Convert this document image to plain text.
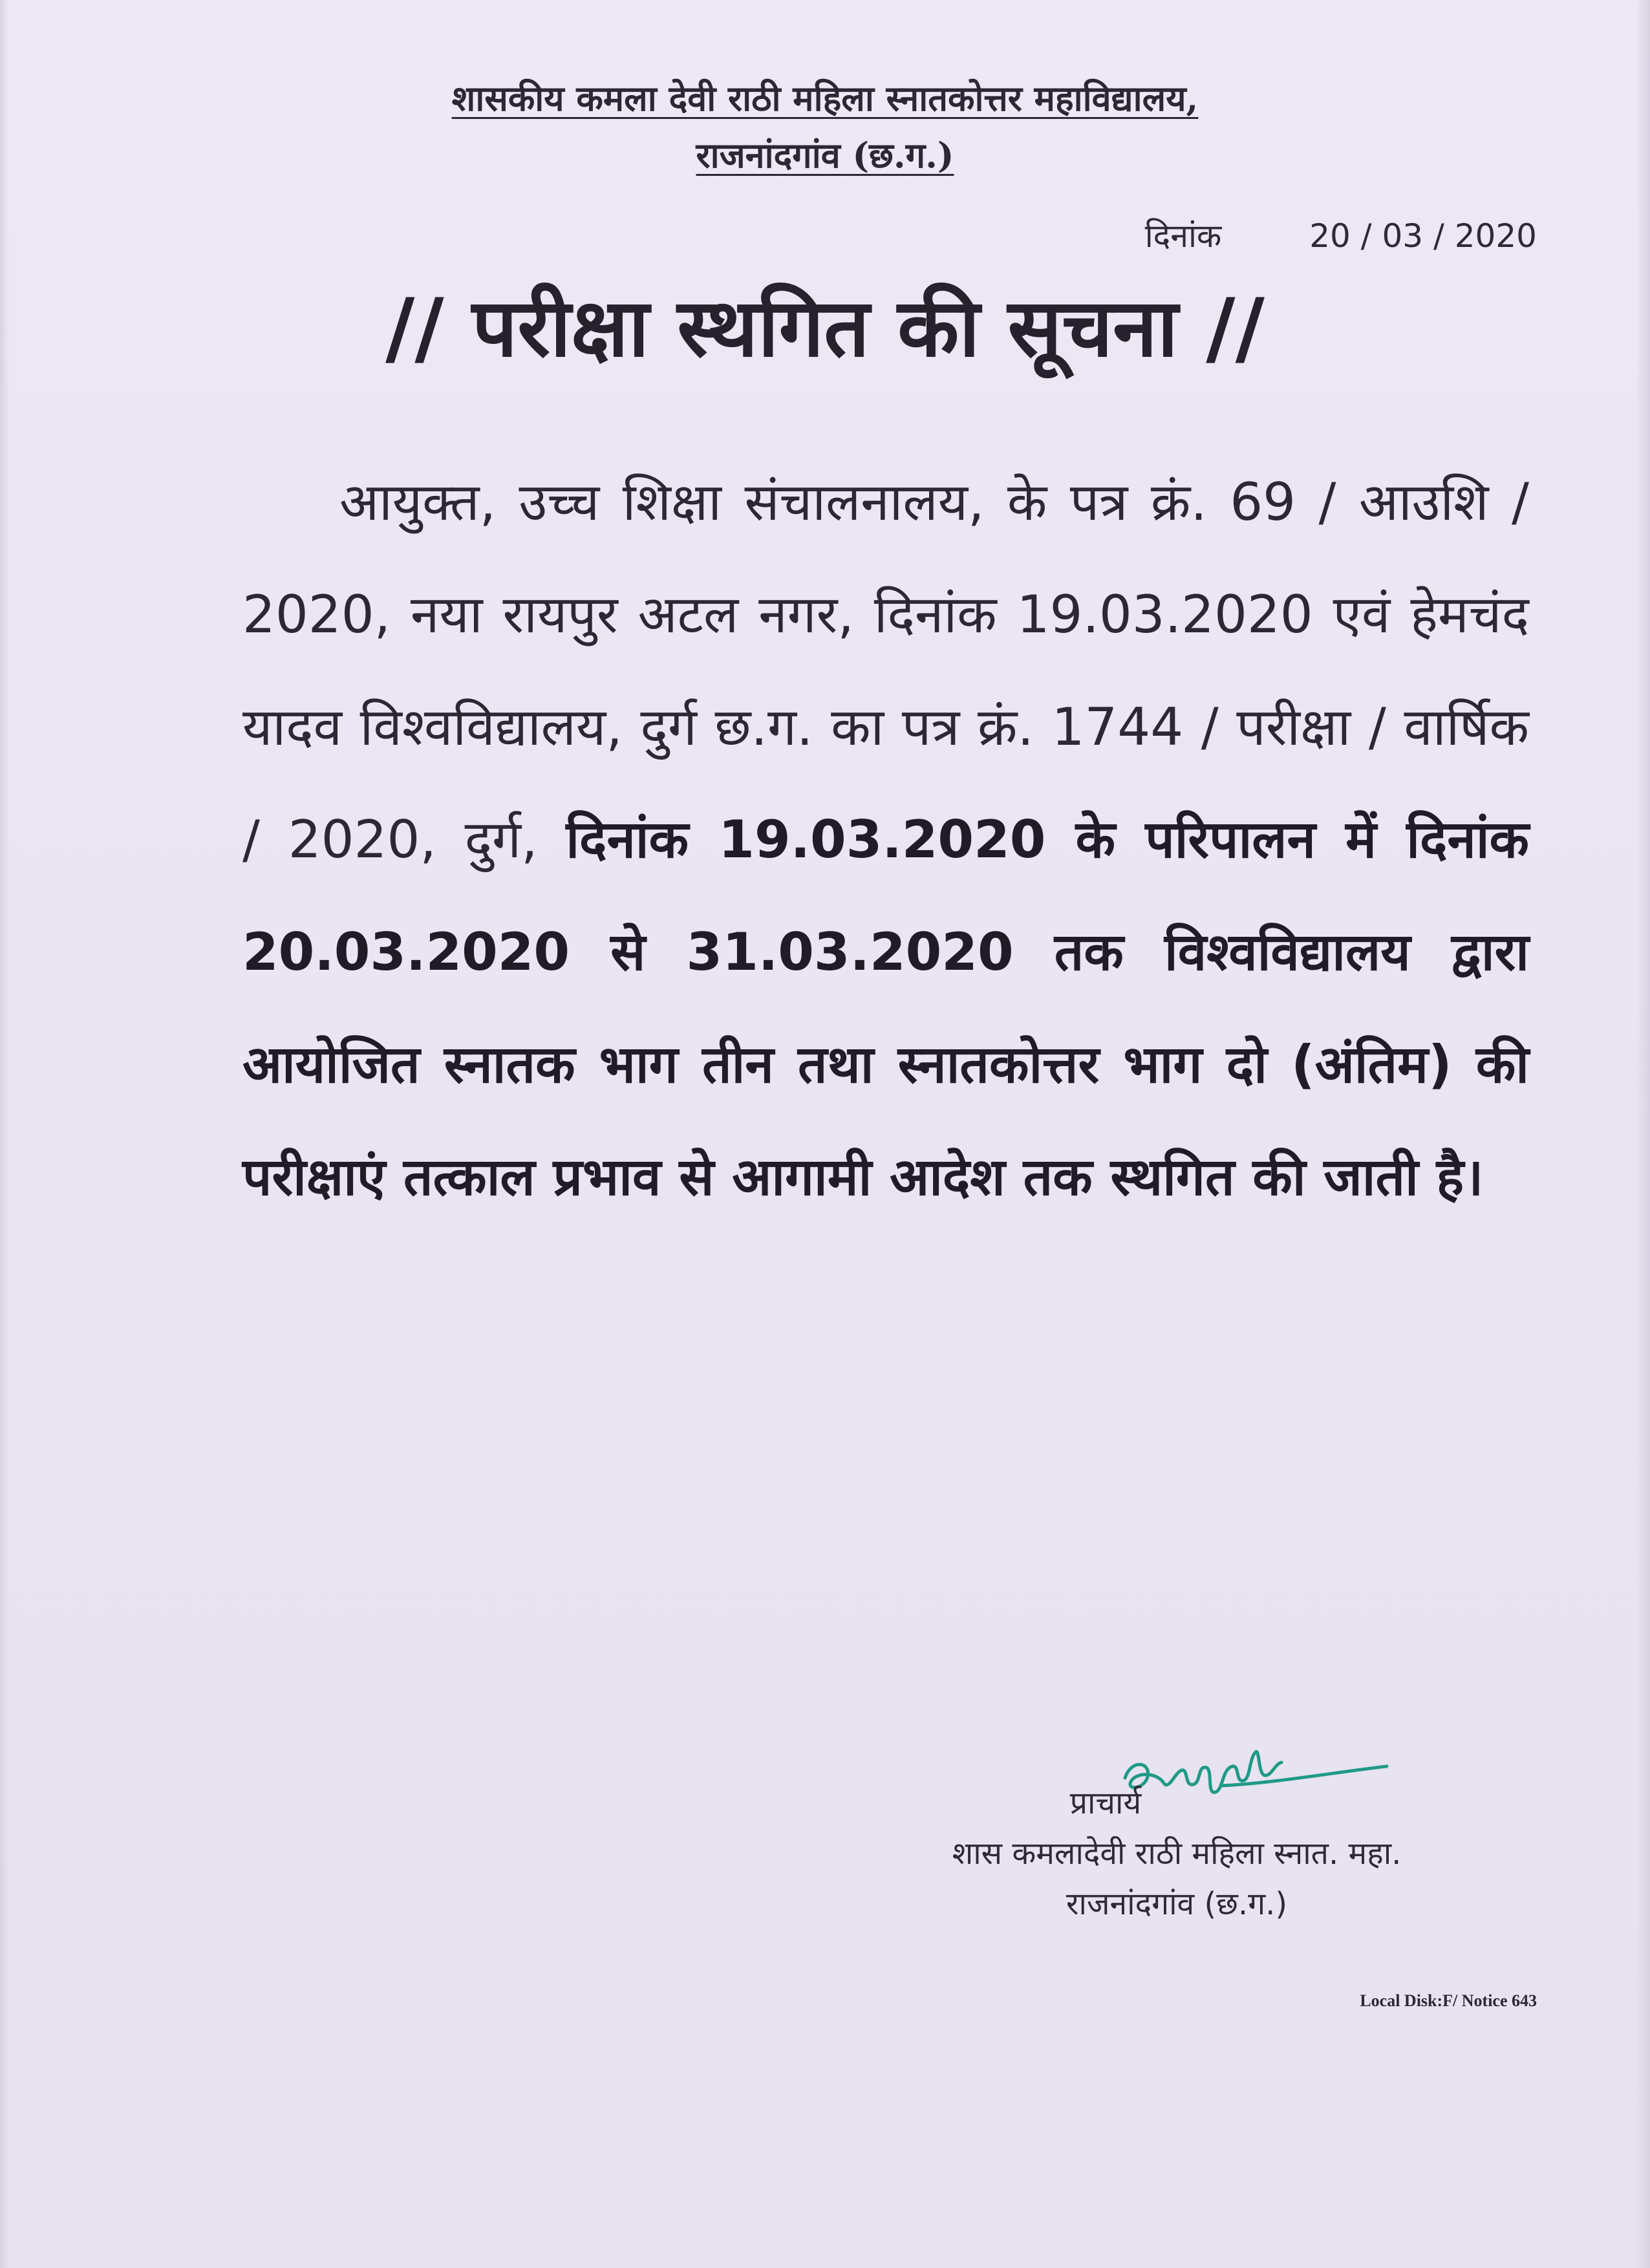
शासकीय कमला देवी राठी महिला स्नातकोत्तर महाविद्यालय,
राजनांदगांव (छ.ग.)
दिनांक	20 / 03 / 2020
// परीक्षा स्थगित की सूचना //
आयुक्त, उच्च शिक्षा संचालनालय, के पत्र क्रं. 69 / आउशि / 2020, नया रायपुर अटल नगर, दिनांक 19.03.2020 एवं हेमचंद यादव विश्वविद्यालय, दुर्ग छ.ग. का पत्र क्रं. 1744 / परीक्षा / वार्षिक / 2020, दुर्ग, दिनांक 19.03.2020 के परिपालन में दिनांक 20.03.2020 से 31.03.2020 तक विश्वविद्यालय द्वारा आयोजित स्नातक भाग तीन तथा स्नातकोत्तर भाग दो (अंतिम) की परीक्षाएं तत्काल प्रभाव से आगामी आदेश तक स्थगित की जाती है।
प्राचार्य
शास कमलादेवी राठी महिला स्नात. महा.
राजनांदगांव (छ.ग.)
Local Disk:F/ Notice 643
